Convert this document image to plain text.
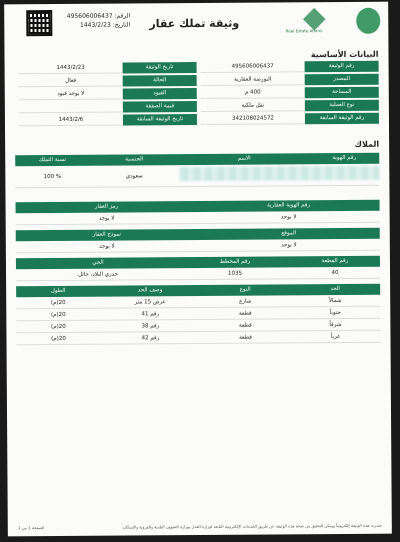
Real Estate Affairs
وثيقة تملك عقار
الرقم: 495606006437
التاريخ: 1443/2/23
البيانات الأساسية
رقم الوثيقة
495606006437
تاريخ الوثيقة
1443/2/23
المصدر
البورصة العقارية
الحالة
فعال
المساحة
400 م
القيود
لا يوجد قيود
نوع العملية
نقل ملكية
قيمة الصفقة
رقم الوثيقة السابقة
342108024572
تاريخ الوثيقة السابقة
1443/2/6
الملاك
رقم الهوية
الاسم
الجنسية
نسبة التملك
سعودي
% 100
رقم الهوية العقارية
رمز العقار
لا يوجد
لا يوجد
الموقع
نموذج العقار
لا يوجد
لا يوجد
رقم القطعة
رقم المخطط
الحي
40
1035
حدري البلاد، حائل
الحد
النوع
وصف الحد
الطول
شمالاً
شارع
عرض 15 متر
20(م)
جنوباً
قطعة
رقم 41
20(م)
شرقاً
قطعة
رقم 38
20(م)
غرباً
قطعة
رقم 42
20(م)
صدرت هذه الوثيقة إلكترونياً ويمكن التحقق من صحة هذه الوثيقة عن طريق الخدمات الإلكترونية التابعة لوزارة العدل بوزارة الشؤون البلدية والقروية والإسكان.
الصفحة 1 من 1
